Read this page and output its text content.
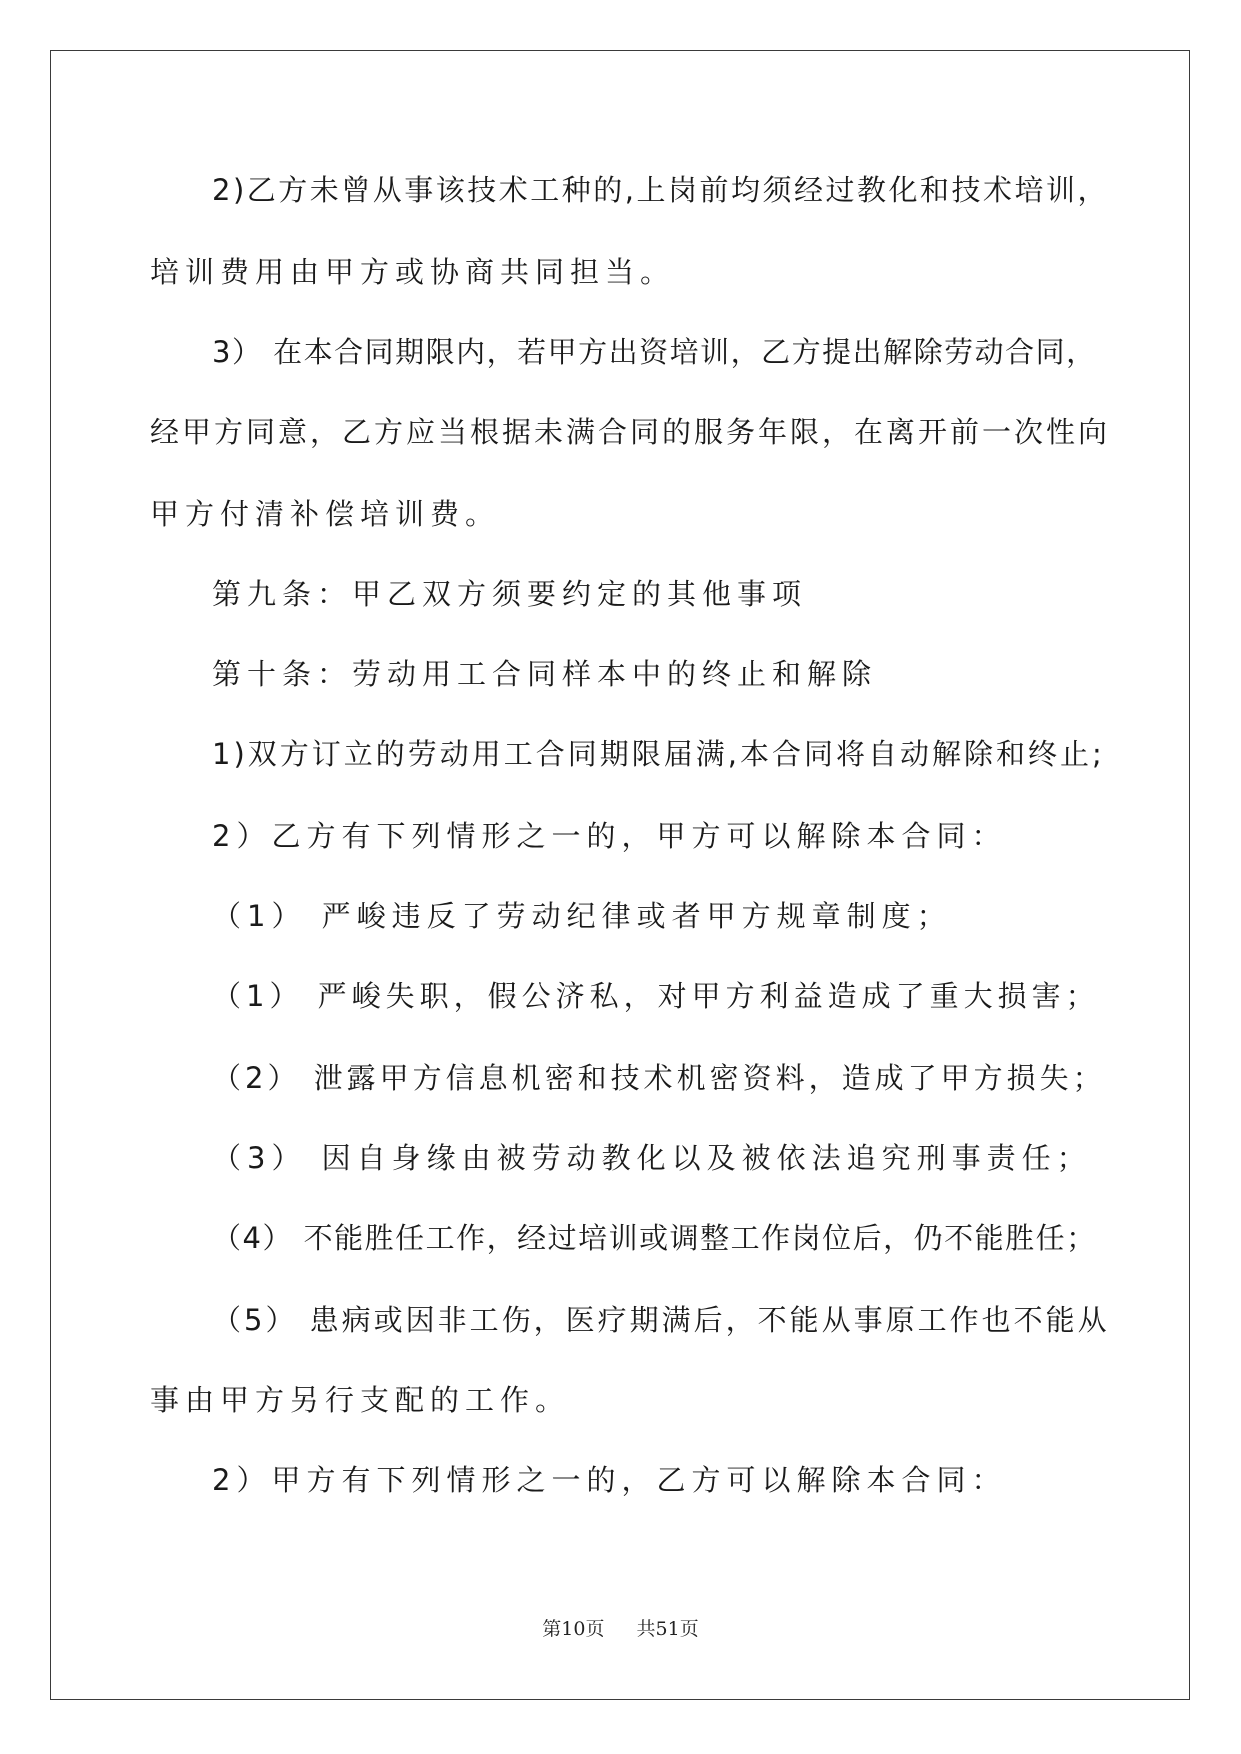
2)乙方未曾从事该技术工种的,上岗前均须经过教化和技术培训，
培训费用由甲方或协商共同担当。
3） 在本合同期限内，若甲方出资培训，乙方提出解除劳动合同，
经甲方同意，乙方应当根据未满合同的服务年限，在离开前一次性向
甲方付清补偿培训费。
第九条：甲乙双方须要约定的其他事项
第十条：劳动用工合同样本中的终止和解除
1)双方订立的劳动用工合同期限届满,本合同将自动解除和终止;
2）乙方有下列情形之一的，甲方可以解除本合同：
（1） 严峻违反了劳动纪律或者甲方规章制度；
（1） 严峻失职，假公济私，对甲方利益造成了重大损害；
（2） 泄露甲方信息机密和技术机密资料，造成了甲方损失；
（3） 因自身缘由被劳动教化以及被依法追究刑事责任；
（4） 不能胜任工作，经过培训或调整工作岗位后，仍不能胜任；
（5） 患病或因非工伤，医疗期满后，不能从事原工作也不能从
事由甲方另行支配的工作。
2）甲方有下列情形之一的，乙方可以解除本合同：
第10页 共51页
